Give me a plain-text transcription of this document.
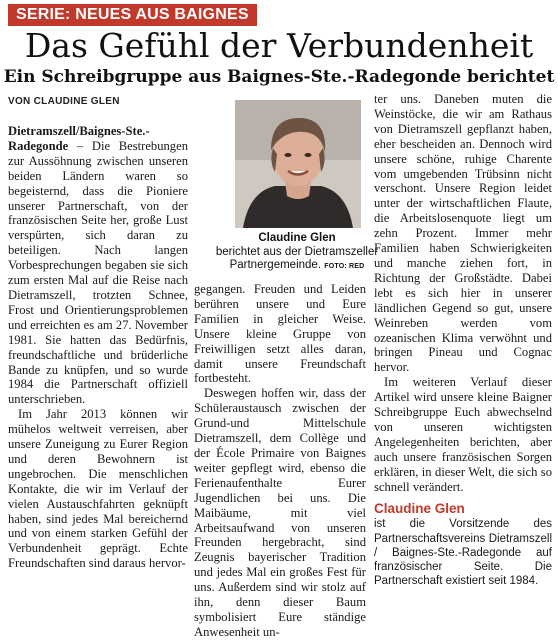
SERIE: NEUES AUS BAIGNES
Das Gefühl der Verbundenheit
Ein Schreibgruppe aus Baignes-Ste.-Radegonde berichtet
VON CLAUDINE GLEN
Claudine Glen
berichtet aus der Dietramszeller Partnergemeinde. FOTO: RED

Dietramszell/Baignes-Ste.-Radegonde – Die Bestrebungen zur Aussöhnung zwischen unseren beiden Ländern waren so begeisternd, dass die Pioniere unserer Partnerschaft, von der französischen Seite her, große Lust verspürten, sich daran zu beteiligen. Nach langen Vorbesprechungen begaben sie sich zum ersten Mal auf die Reise nach Dietramszell, trotzten Schnee, Frost und Orientierungsproblemen und erreichten es am 27. November 1981. Sie hatten das Bedürfnis, freundschaftliche und brüderliche Bande zu knüpfen, und so wurde 1984 die Partnerschaft offiziell unterschrieben.

Im Jahr 2013 können wir mühelos weltweit verreisen, aber unsere Zuneigung zu Eurer Region und deren Bewohnern ist ungebrochen. Die menschlichen Kontakte, die wir im Verlauf der vielen Austauschfahrten geknüpft haben, sind jedes Mal bereichernd und von einem starken Gefühl der Verbundenheit geprägt. Echte Freundschaften sind daraus hervor-

gegangen. Freuden und Leiden berühren unsere und Eure Familien in gleicher Weise. Unsere kleine Gruppe von Freiwilligen setzt alles daran, damit unsere Freundschaft fortbesteht.

Deswegen hoffen wir, dass der Schüleraustausch zwischen der Grund-und Mittelschule Dietramszell, dem Collège und der École Primaire von Baignes weiter gepflegt wird, ebenso die Ferienaufenthalte Eurer Jugendlichen bei uns. Die Maibäume, mit viel Arbeitsaufwand von unseren Freunden hergebracht, sind Zeugnis bayerischer Tradition und jedes Mal ein großes Fest für uns. Außerdem sind wir stolz auf ihn, denn dieser Baum symbolisiert Eure ständige Anwesenheit un-

ter uns. Daneben muten die Weinstöcke, die wir am Rathaus von Dietramszell gepflanzt haben, eher bescheiden an. Dennoch wird unsere schöne, ruhige Charente vom umgebenden Trübsinn nicht verschont. Unsere Region leidet unter der wirtschaftlichen Flaute, die Arbeitslosenquote liegt um zehn Prozent. Immer mehr Familien haben Schwierigkeiten und manche ziehen fort, in Richtung der Großstädte. Dabei lebt es sich hier in unserer ländlichen Gegend so gut, unsere Weinreben werden vom ozeanischen Klima verwöhnt und bringen Pineau und Cognac hervor.

Im weiteren Verlauf dieser Artikel wird unsere kleine Baigner Schreibgruppe Euch abwechselnd von unseren wichtigsten Angelegenheiten berichten, aber auch unsere französischen Sorgen erklären, in dieser Welt, die sich so schnell verändert.

Claudine Glen

ist die Vorsitzende des Partnerschaftsvereins Dietramszell / Baignes-Ste.-Radegonde auf französischer Seite. Die Partnerschaft existiert seit 1984.
